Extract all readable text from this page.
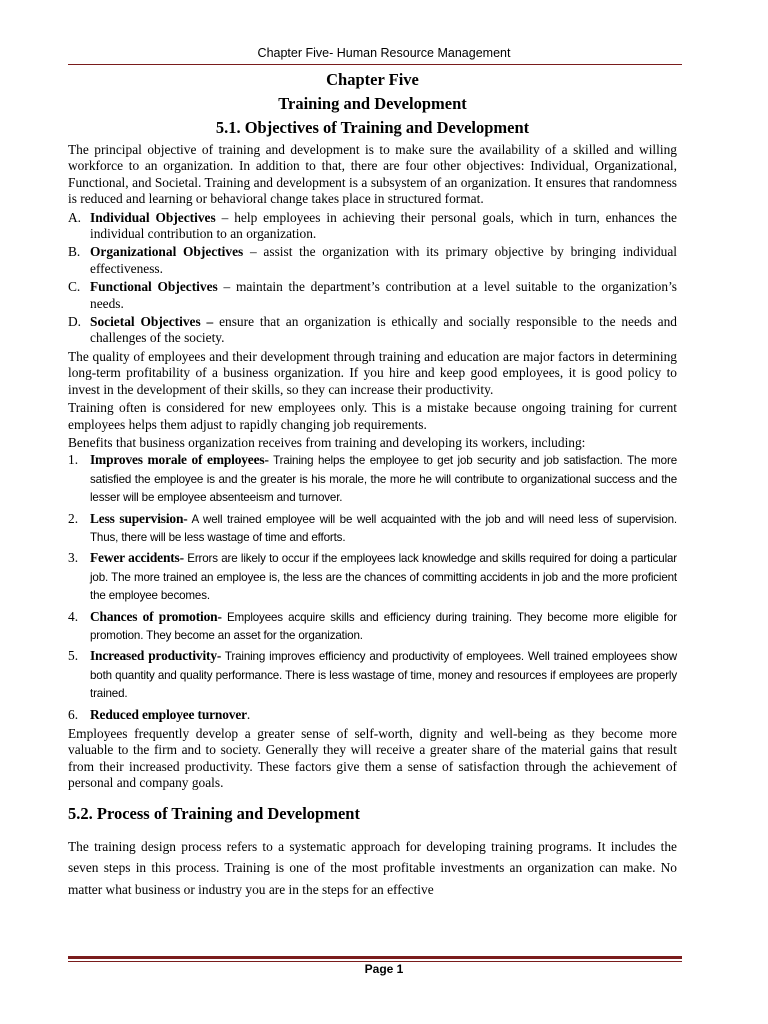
Chapter Five- Human Resource Management
Chapter Five
Training and Development
5.1. Objectives of Training and Development

The principal objective of training and development is to make sure the availability of a skilled and willing workforce to an organization. In addition to that, there are four other objectives: Individual, Organizational, Functional, and Societal. Training and development is a subsystem of an organization. It ensures that randomness is reduced and learning or behavioral change takes place in structured format.

A. Individual Objectives – help employees in achieving their personal goals, which in turn, enhances the individual contribution to an organization.
B. Organizational Objectives – assist the organization with its primary objective by bringing individual effectiveness.
C. Functional Objectives – maintain the department’s contribution at a level suitable to the organization’s needs.
D. Societal Objectives – ensure that an organization is ethically and socially responsible to the needs and challenges of the society.

The quality of employees and their development through training and education are major factors in determining long-term profitability of a business organization. If you hire and keep good employees, it is good policy to invest in the development of their skills, so they can increase their productivity.

Training often is considered for new employees only. This is a mistake because ongoing training for current employees helps them adjust to rapidly changing job requirements.

Benefits that business organization receives from training and developing its workers, including:

1. Improves morale of employees- Training helps the employee to get job security and job satisfaction. The more satisfied the employee is and the greater is his morale, the more he will contribute to organizational success and the lesser will be employee absenteeism and turnover.
2. Less supervision- A well trained employee will be well acquainted with the job and will need less of supervision. Thus, there will be less wastage of time and efforts.
3. Fewer accidents- Errors are likely to occur if the employees lack knowledge and skills required for doing a particular job. The more trained an employee is, the less are the chances of committing accidents in job and the more proficient the employee becomes.
4. Chances of promotion- Employees acquire skills and efficiency during training. They become more eligible for promotion. They become an asset for the organization.
5. Increased productivity- Training improves efficiency and productivity of employees. Well trained employees show both quantity and quality performance. There is less wastage of time, money and resources if employees are properly trained.
6. Reduced employee turnover.

Employees frequently develop a greater sense of self-worth, dignity and well-being as they become more valuable to the firm and to society. Generally they will receive a greater share of the material gains that result from their increased productivity. These factors give them a sense of satisfaction through the achievement of personal and company goals.

5.2. Process of Training and Development

The training design process refers to a systematic approach for developing training programs. It includes the seven steps in this process. Training is one of the most profitable investments an organization can make. No matter what business or industry you are in the steps for an effective

Page 1
